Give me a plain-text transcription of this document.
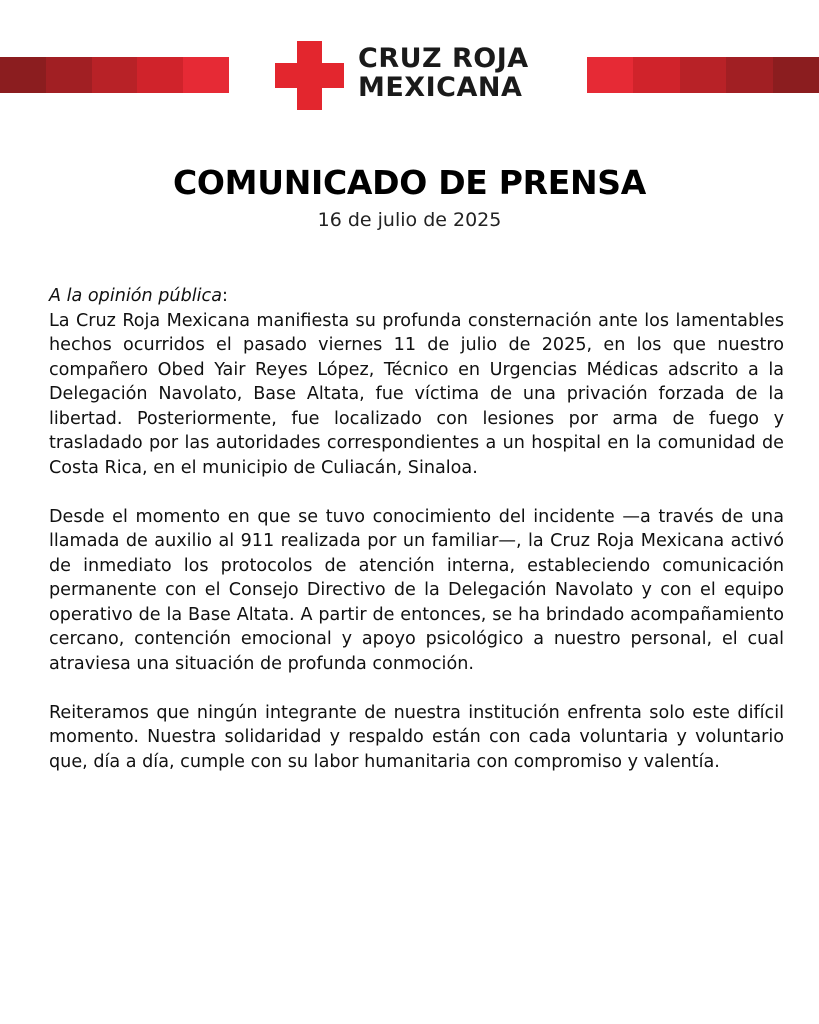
CRUZ ROJA
MEXICANA
COMUNICADO DE PRENSA

16 de julio de 2025

A la opinión pública:

La Cruz Roja Mexicana manifiesta su profunda consternación ante los lamentables hechos ocurridos el pasado viernes 11 de julio de 2025, en los que nuestro compañero Obed Yair Reyes López, Técnico en Urgencias Médicas adscrito a la Delegación Navolato, Base Altata, fue víctima de una privación forzada de la libertad. Posteriormente, fue localizado con lesiones por arma de fuego y trasladado por las autoridades correspondientes a un hospital en la comunidad de Costa Rica, en el municipio de Culiacán, Sinaloa.

Desde el momento en que se tuvo conocimiento del incidente —a través de una llamada de auxilio al 911 realizada por un familiar—, la Cruz Roja Mexicana activó de inmediato los protocolos de atención interna, estableciendo comunicación permanente con el Consejo Directivo de la Delegación Navolato y con el equipo operativo de la Base Altata. A partir de entonces, se ha brindado acompañamiento cercano, contención emocional y apoyo psicológico a nuestro personal, el cual atraviesa una situación de profunda conmoción.

Reiteramos que ningún integrante de nuestra institución enfrenta solo este difícil momento. Nuestra solidaridad y respaldo están con cada voluntaria y voluntario que, día a día, cumple con su labor humanitaria con compromiso y valentía.
